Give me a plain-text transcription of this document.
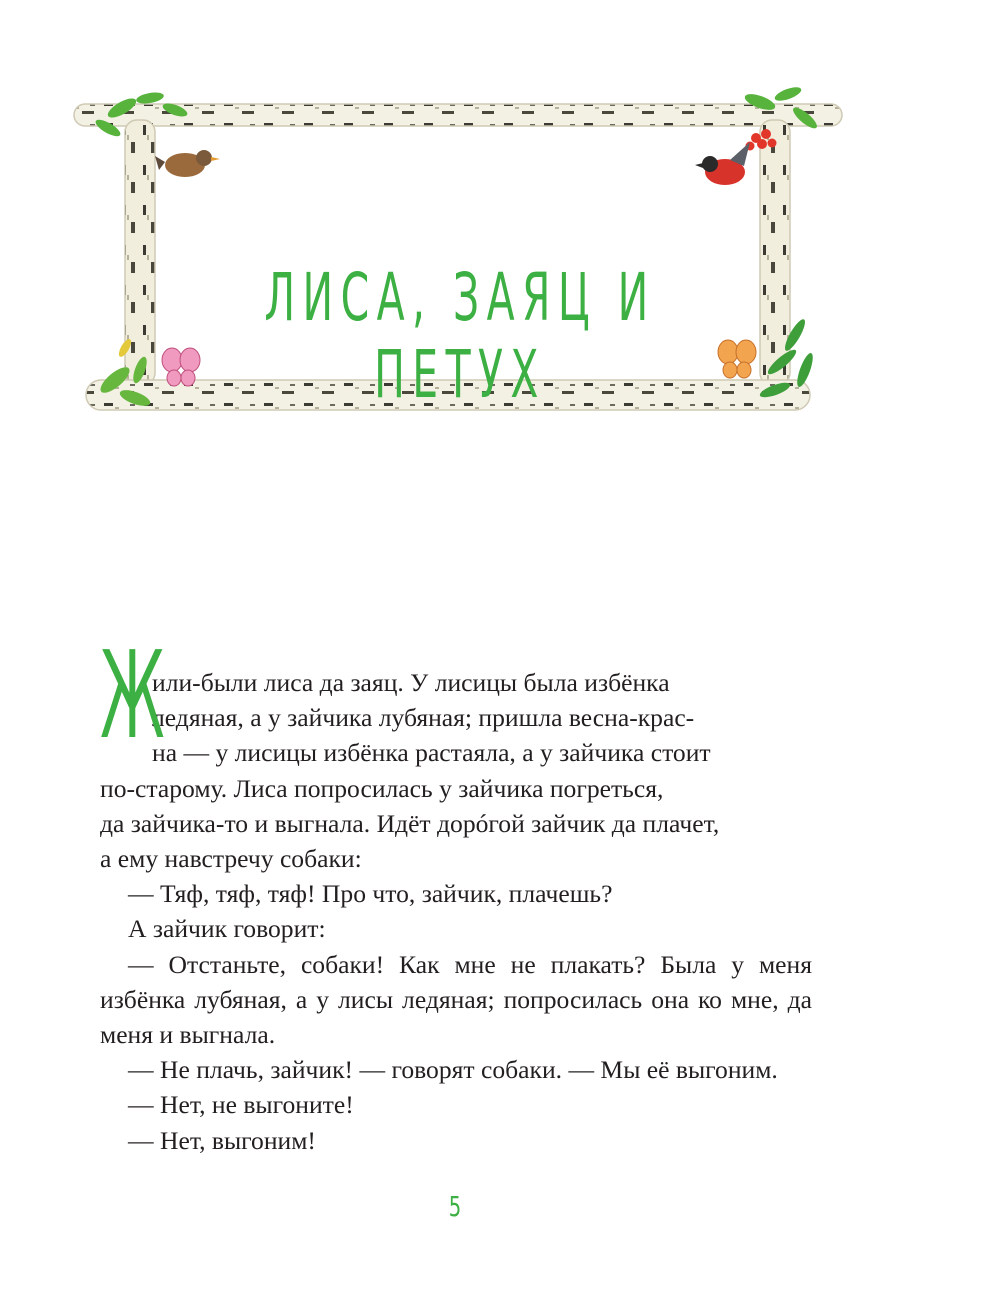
ЛИСА, ЗАЯЦ И ПЕТУХ
Ж
или-были лиса да заяц. У лисицы была избёнка
ледяная, а у зайчика лубяная; пришла весна-крас-
на — у лисицы избёнка растаяла, а у зайчика стоит
по-старому. Лиса попросилась у зайчика погреться,
да зайчика-то и выгнала. Идёт дорóгой зайчик да плачет,
а ему навстречу собаки:

— Тяф, тяф, тяф! Про что, зайчик, плачешь?

А зайчик говорит:

— Отстаньте, собаки! Как мне не плакать? Была у меня избёнка лубяная, а у лисы ледяная; попросилась она ко мне, да меня и выгнала.

— Не плачь, зайчик! — говорят собаки. — Мы её выгоним.

— Нет, не выгоните!

— Нет, выгоним!

5
